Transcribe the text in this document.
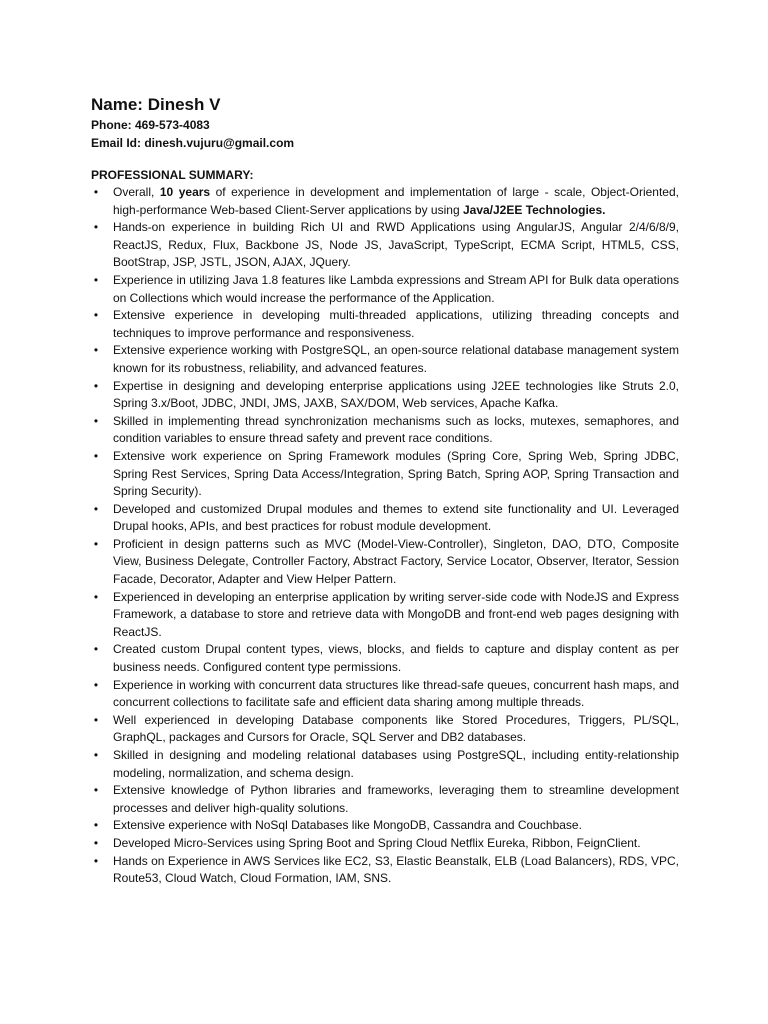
Name: Dinesh V

Phone: 469-573-4083

Email Id: dinesh.vujuru@gmail.com

PROFESSIONAL SUMMARY:

• Overall, 10 years of experience in development and implementation of large - scale, Object-Oriented, high-performance Web-based Client-Server applications by using Java/J2EE Technologies.
• Hands-on experience in building Rich UI and RWD Applications using AngularJS, Angular 2/4/6/8/9, ReactJS, Redux, Flux, Backbone JS, Node JS, JavaScript, TypeScript, ECMA Script, HTML5, CSS, BootStrap, JSP, JSTL, JSON, AJAX, JQuery.
• Experience in utilizing Java 1.8 features like Lambda expressions and Stream API for Bulk data operations on Collections which would increase the performance of the Application.
• Extensive experience in developing multi-threaded applications, utilizing threading concepts and techniques to improve performance and responsiveness.
• Extensive experience working with PostgreSQL, an open-source relational database management system known for its robustness, reliability, and advanced features.
• Expertise in designing and developing enterprise applications using J2EE technologies like Struts 2.0, Spring 3.x/Boot, JDBC, JNDI, JMS, JAXB, SAX/DOM, Web services, Apache Kafka.
• Skilled in implementing thread synchronization mechanisms such as locks, mutexes, semaphores, and condition variables to ensure thread safety and prevent race conditions.
• Extensive work experience on Spring Framework modules (Spring Core, Spring Web, Spring JDBC, Spring Rest Services, Spring Data Access/Integration, Spring Batch, Spring AOP, Spring Transaction and Spring Security).
• Developed and customized Drupal modules and themes to extend site functionality and UI. Leveraged Drupal hooks, APIs, and best practices for robust module development.
• Proficient in design patterns such as MVC (Model-View-Controller), Singleton, DAO, DTO, Composite View, Business Delegate, Controller Factory, Abstract Factory, Service Locator, Observer, Iterator, Session Facade, Decorator, Adapter and View Helper Pattern.
• Experienced in developing an enterprise application by writing server-side code with NodeJS and Express Framework, a database to store and retrieve data with MongoDB and front-end web pages designing with ReactJS.
• Created custom Drupal content types, views, blocks, and fields to capture and display content as per business needs. Configured content type permissions.
• Experience in working with concurrent data structures like thread-safe queues, concurrent hash maps, and concurrent collections to facilitate safe and efficient data sharing among multiple threads.
• Well experienced in developing Database components like Stored Procedures, Triggers, PL/SQL, GraphQL, packages and Cursors for Oracle, SQL Server and DB2 databases.
• Skilled in designing and modeling relational databases using PostgreSQL, including entity-relationship modeling, normalization, and schema design.
• Extensive knowledge of Python libraries and frameworks, leveraging them to streamline development processes and deliver high-quality solutions.
• Extensive experience with NoSql Databases like MongoDB, Cassandra and Couchbase.
• Developed Micro-Services using Spring Boot and Spring Cloud Netflix Eureka, Ribbon, FeignClient.
• Hands on Experience in AWS Services like EC2, S3, Elastic Beanstalk, ELB (Load Balancers), RDS, VPC, Route53, Cloud Watch, Cloud Formation, IAM, SNS.
